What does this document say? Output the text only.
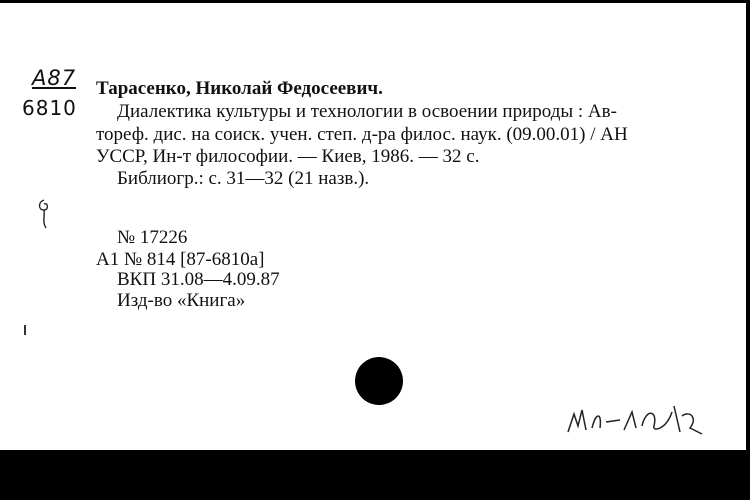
A87
6810
Тарасенко, Николай Федосеевич.
Диалектика культуры и технологии в освоении природы : Ав-
тореф. дис. на соиск. учен. степ. д-ра филос. наук. (09.00.01) / АН
УССР, Ин-т философии. — Киев, 1986. — 32 с.
Библиогр.: с. 31—32 (21 назв.).
№ 17226
А1 № 814 [87-6810а]
ВКП 31.08—4.09.87
Изд-во «Книга»
